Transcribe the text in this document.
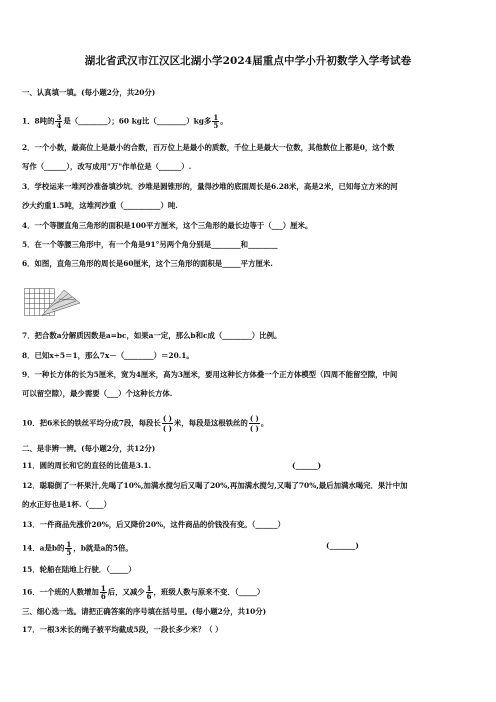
湖北省武汉市江汉区北湖小学2024届重点中学小升初数学入学考试卷
一、认真填一填。(每小题2分，共20分)
1．8吨的 $\frac{3}{4}$ 是（________）；60 kg比（________）kg多 $\frac{1}{5}$ 。
2．一个小数，最高位上是最小的合数，百万位上是最小的质数，千位上是最大一位数，其他数位上都是0，这个数
写作（______），改写成用"万"作单位是（______）.
3．学校运来一堆河沙准备填沙坑．沙堆是圆锥形的，量得沙堆的底面周长是6.28米，高是2米，已知每立方米的河
沙大约重1.5吨，这堆河沙重（__________）吨.
4．一个等腰直角三角形的面积是100平方厘米，这个三角形的最长边等于（___）厘米。
5．在一个等腰三角形中，有一个角是91°另两个角分别是________和________
6．如图，直角三角形的周长是60厘米，这个三角形的面积是_____平方厘米.
7．把合数a分解质因数是a=bc，如果a一定，那么b和c成（________）比例。
8．已知x÷5＝1，那么7x－（________）＝20.1。
9．一种长方体的长为5厘米，宽为4厘米，高为3厘米，要用这种长方体叠一个正方体模型（四周不能留空隙，中间
可以留空隙），最少需要（___）个这种长方体.
10．把6米长的铁丝平均分成7段，每段长 ( )
( )
米，每段是这根铁丝的 ( )
( )
。
二、是非辨一辨。(每小题2分，共12分)
11．圆的周长和它的直径的比值是3.1.	(______)
12．聪聪倒了一杯果汁,先喝了10%,加满水搅匀后又喝了20%,再加满水搅匀,又喝了70%,最后加满水喝完．果汁中加
的水正好也是1杯.（____）
13．一件商品先涨价20%，后又降价20%，这件商品的价钱没有变。（______）
14．a是b的 $\frac{1}{5}$ ，b就是a的5倍。	(_______)
15．轮船在陆地上行驶．（_____）
16．一个班的人数增加 $\frac{1}{6}$ 后，又减少 $\frac{1}{6}$ ，班级人数与原来不变．（_____）
三、细心选一选。请把正确答案的序号填在括号里。(每小题2分，共10分)
17．一根3米长的绳子被平均截成5段，一段长多少米？（ ）
